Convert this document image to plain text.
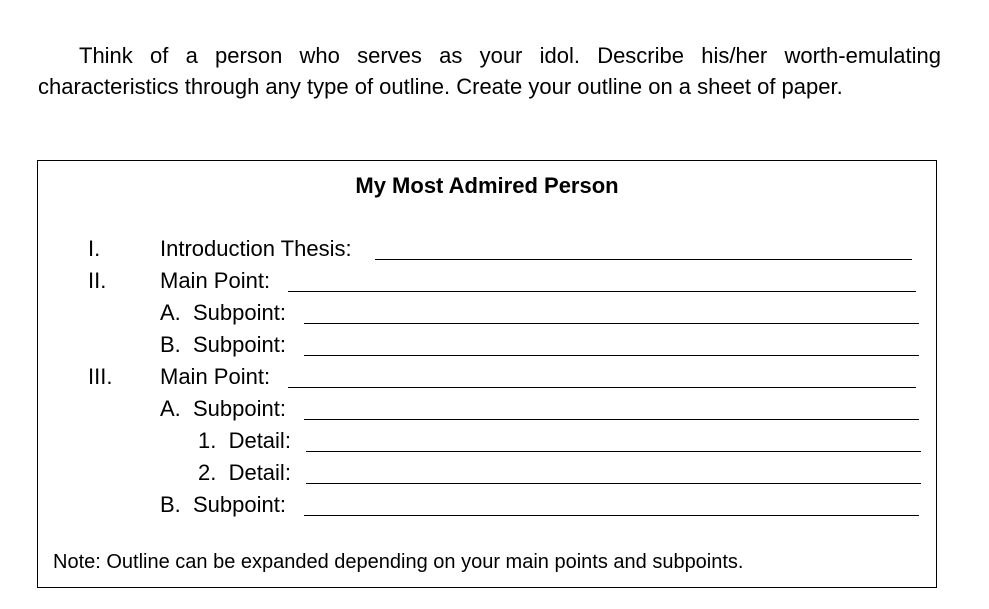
Think of a person who serves as your idol. Describe his/her worth-emulating characteristics through any type of outline. Create your outline on a sheet of paper.

My Most Admired Person
I.	Introduction Thesis:
II. Main Point:
A.  Subpoint:
B.  Subpoint:
III. Main Point:
A.  Subpoint:
1.  Detail:
2.  Detail:
B.  Subpoint:

Note: Outline can be expanded depending on your main points and subpoints.
